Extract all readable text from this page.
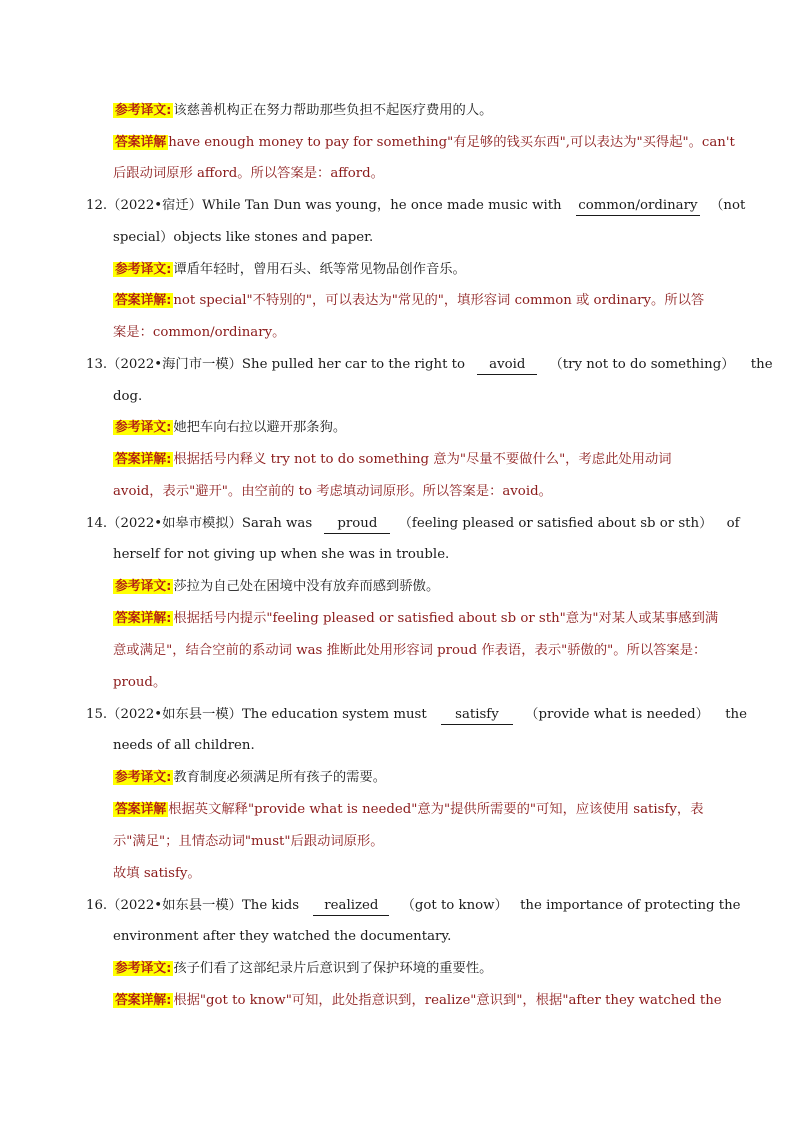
参考译文: 该慈善机构正在努力帮助那些负担不起医疗费用的人。
答案详解 have enough money to pay for something"有足够的钱买东西",可以表达为"买得起"。can't
后跟动词原形 afford。所以答案是：afford。
12.（2022•宿迁）While Tan Dun was young，he once made music with common/ordinary （not
special）objects like stones and paper.
参考译文: 谭盾年轻时，曾用石头、纸等常见物品创作音乐。
答案详解: not special"不特别的"，可以表达为"常见的"，填形容词 common 或 ordinary。所以答
案是：common/ordinary。
13.（2022•海门市一模）She pulled her car to the right to avoid （try not to do something） the
dog.
参考译文: 她把车向右拉以避开那条狗。
答案详解: 根据括号内释义 try not to do something 意为"尽量不要做什么"，考虑此处用动词
avoid，表示"避开"。由空前的 to 考虑填动词原形。所以答案是：avoid。
14.（2022•如皋市模拟）Sarah was proud （feeling pleased or satisfied about sb or sth） of
herself for not giving up when she was in trouble.
参考译文: 莎拉为自己处在困境中没有放弃而感到骄傲。
答案详解: 根据括号内提示"feeling pleased or satisfied about sb or sth"意为"对某人或某事感到满
意或满足"，结合空前的系动词 was 推断此处用形容词 proud 作表语，表示"骄傲的"。所以答案是：
proud。
15.（2022•如东县一模）The education system must satisfy （provide what is needed） the
needs of all children.
参考译文: 教育制度必须满足所有孩子的需要。
答案详解 根据英文解释"provide what is needed"意为"提供所需要的"可知，应该使用 satisfy，表
示"满足"；且情态动词"must"后跟动词原形。
故填 satisfy。
16.（2022•如东县一模）The kids realized （got to know） the importance of protecting the
environment after they watched the documentary.
参考译文: 孩子们看了这部纪录片后意识到了保护环境的重要性。
答案详解: 根据"got to know"可知，此处指意识到，realize"意识到"，根据"after they watched the
